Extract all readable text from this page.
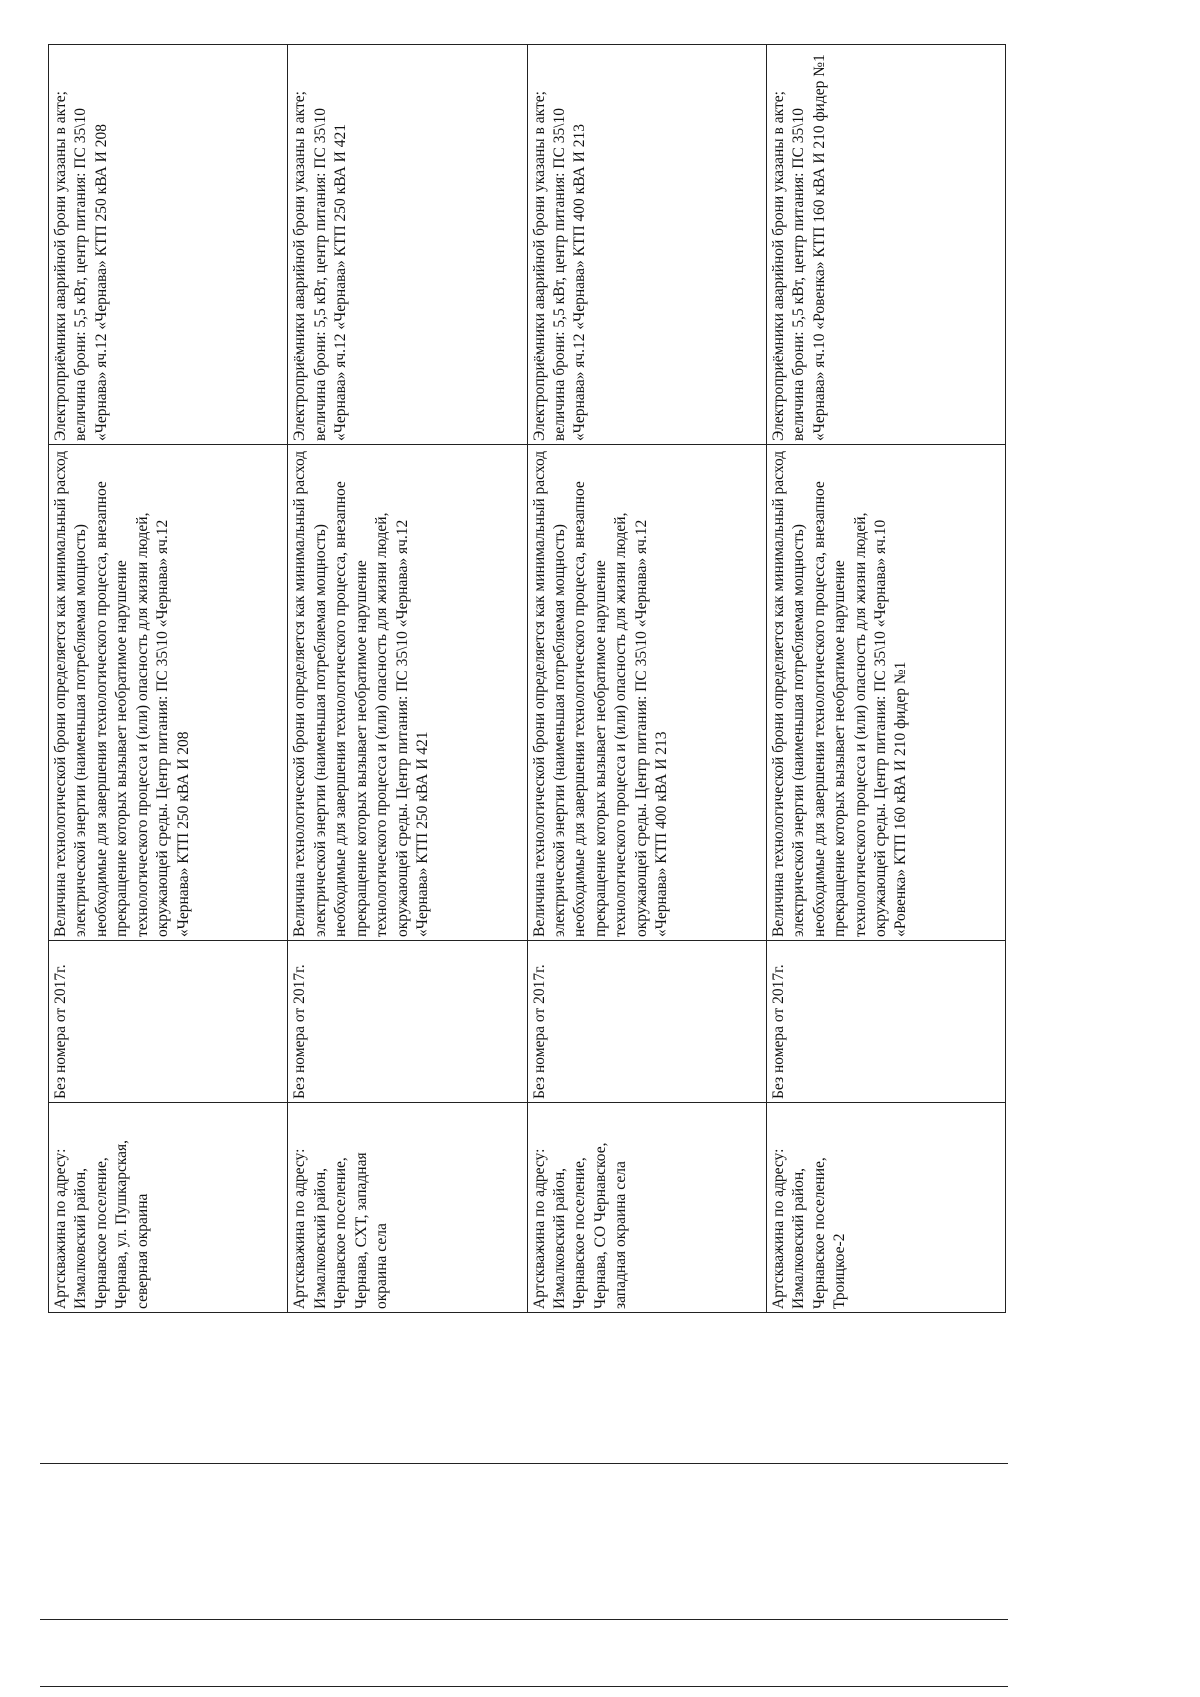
Артскважина по адресу: Измалковский район, Чернавское поселение, Чернава, ул. Пушкарская, северная окраина	Без номера от 2017г.	Величина технологической брони определяется как минимальный расход электрической энергии (наименьшая потребляемая мощность) необходимые для завершения технологического процесса, внезапное прекращение которых вызывает необратимое нарушение технологического процесса и (или) опасность для жизни людей, окружающей среды. Центр питания: ПС 35\10 «Чернава» яч.12 «Чернава» КТП 250 кВА И 208	Электроприёмники аварийной брони указаны в акте; величина брони: 5,5 кВт, центр питания: ПС 35\10 «Чернава» яч.12 «Чернава» КТП 250 кВА И 208
Артскважина по адресу: Измалковский район, Чернавское поселение, Чернава, СХТ, западная окраина села	Без номера от 2017г.	Величина технологической брони определяется как минимальный расход электрической энергии (наименьшая потребляемая мощность) необходимые для завершения технологического процесса, внезапное прекращение которых вызывает необратимое нарушение технологического процесса и (или) опасность для жизни людей, окружающей среды. Центр питания: ПС 35\10 «Чернава» яч.12 «Чернава» КТП 250 кВА И 421	Электроприёмники аварийной брони указаны в акте; величина брони: 5,5 кВт, центр питания: ПС 35\10 «Чернава» яч.12 «Чернава» КТП 250 кВА И 421
Артскважина по адресу: Измалковский район, Чернавское поселение, Чернава, СО Чернавское, западная окраина села	Без номера от 2017г.	Величина технологической брони определяется как минимальный расход электрической энергии (наименьшая потребляемая мощность) необходимые для завершения технологического процесса, внезапное прекращение которых вызывает необратимое нарушение технологического процесса и (или) опасность для жизни людей, окружающей среды. Центр питания: ПС 35\10 «Чернава» яч.12 «Чернава» КТП 400 кВА И 213	Электроприёмники аварийной брони указаны в акте; величина брони: 5,5 кВт, центр питания: ПС 35\10 «Чернава» яч.12 «Чернава» КТП 400 кВА И 213
Артскважина по адресу: Измалковский район, Чернавское поселение, Троицкое-2	Без номера от 2017г.	Величина технологической брони определяется как минимальный расход электрической энергии (наименьшая потребляемая мощность) необходимые для завершения технологического процесса, внезапное прекращение которых вызывает необратимое нарушение технологического процесса и (или) опасность для жизни людей, окружающей среды. Центр питания: ПС 35\10 «Чернава» яч.10 «Ровенка» КТП 160 кВА И 210 фидер №1	Электроприёмники аварийной брони указаны в акте; величина брони: 5,5 кВт, центр питания: ПС 35\10 «Чернава» яч.10 «Ровенка» КТП 160 кВА И 210 фидер №1
